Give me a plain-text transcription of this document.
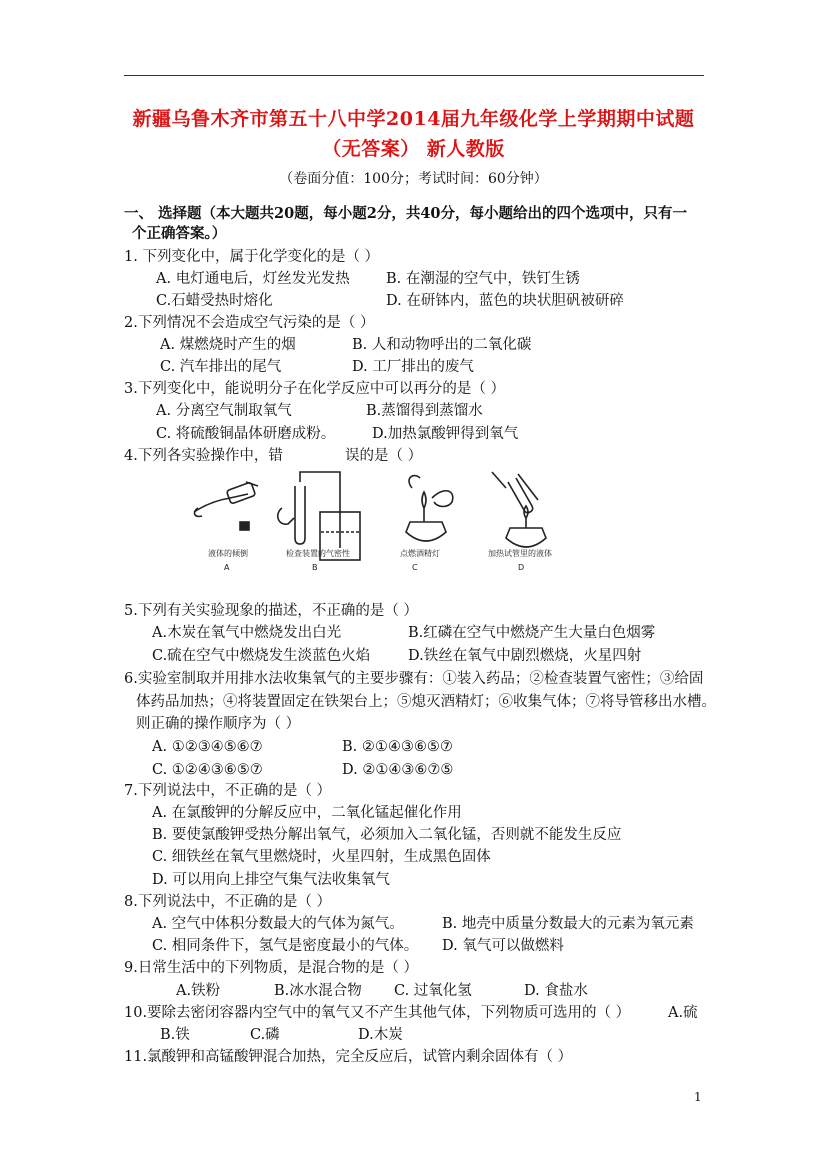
新疆乌鲁木齐市第五十八中学2014届九年级化学上学期期中试题
（无答案） 新人教版
（卷面分值：100分；考试时间：60分钟）
一、 选择题（本大题共20题，每小题2分，共40分，每小题给出的四个选项中，只有一
个正确答案。）
1. 下列变化中，属于化学变化的是（ ）
A. 电灯通电后，灯丝发光发热	B. 在潮湿的空气中，铁钉生锈
C.石蜡受热时熔化	D. 在研钵内，蓝色的块状胆矾被研碎
2.下列情况不会造成空气污染的是（ ）
A. 煤燃烧时产生的烟	B. 人和动物呼出的二氧化碳
C. 汽车排出的尾气	D. 工厂排出的废气
3.下列变化中，能说明分子在化学反应中可以再分的是（ ）
A. 分离空气制取氧气	B.蒸馏得到蒸馏水
C. 将硫酸铜晶体研磨成粉。	D.加热氯酸钾得到氧气
4.下列各实验操作中，错	误的是（ ）
液体的倾倒	检查装置的气密性	点燃酒精灯	加热试管里的液体
A	B	C	D
5.下列有关实验现象的描述，不正确的是（ ）
A.木炭在氧气中燃烧发出白光	B.红磷在空气中燃烧产生大量白色烟雾
C.硫在空气中燃烧发生淡蓝色火焰	D.铁丝在氧气中剧烈燃烧，火星四射
6.实验室制取并用排水法收集氧气的主要步骤有：①装入药品；②检查装置气密性；③给固
体药品加热；④将装置固定在铁架台上；⑤熄灭酒精灯；⑥收集气体；⑦将导管移出水槽。
则正确的操作顺序为（ ）
A. ①②③④⑤⑥⑦	B. ②①④③⑥⑤⑦
C. ①②④③⑥⑤⑦	D. ②①④③⑥⑦⑤
7.下列说法中，不正确的是（ ）
A. 在氯酸钾的分解反应中，二氧化锰起催化作用
B. 要使氯酸钾受热分解出氧气，必须加入二氧化锰，否则就不能发生反应
C. 细铁丝在氧气里燃烧时，火星四射，生成黑色固体
D. 可以用向上排空气集气法收集氧气
8.下列说法中，不正确的是（ ）
A. 空气中体积分数最大的气体为氮气。	B. 地壳中质量分数最大的元素为氧元素
C. 相同条件下，氢气是密度最小的气体。 D. 氧气可以做燃料
9.日常生活中的下列物质，是混合物的是（ ）
A.铁粉	B.冰水混合物 C. 过氧化氢	D. 食盐水
10.要除去密闭容器内空气中的氧气又不产生其他气体，下列物质可选用的（ ）	A.硫
B.铁	C.磷	D.木炭
11.氯酸钾和高锰酸钾混合加热，完全反应后，试管内剩余固体有（ ）
1
